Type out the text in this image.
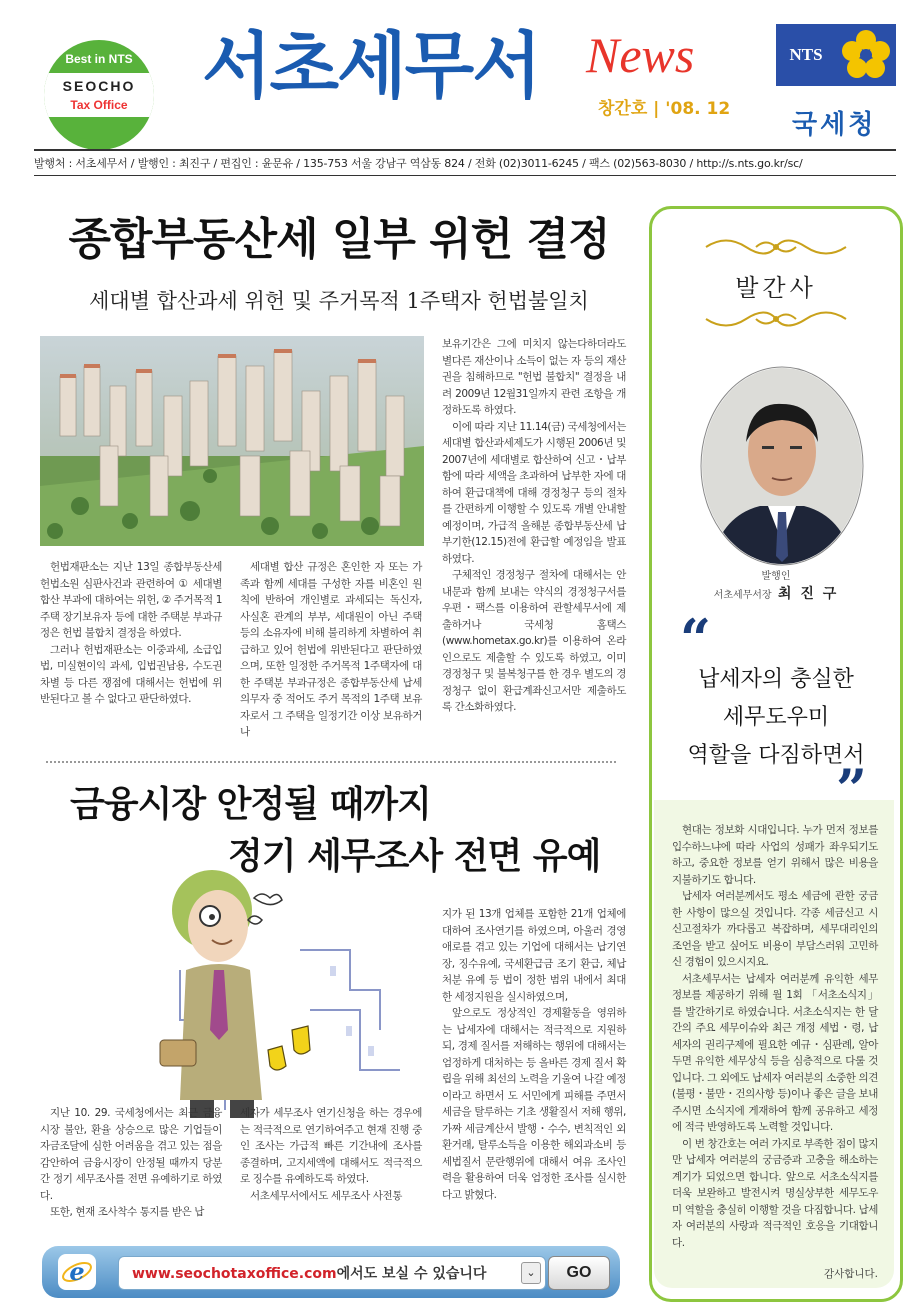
Best in NTS
SEOCHO
Tax Office	서초세무서 News
창간호 | '08. 12
NTS
국세청
발행처 : 서초세무서 / 발행인 : 최진구 / 편집인 : 윤문유 / 135-753 서울 강남구 역삼동 824 / 전화 (02)3011-6245 / 팩스 (02)563-8030 / http://s.nts.go.kr/sc/
종합부동산세 일부 위헌 결정
세대별 합산과세 위헌 및 주거목적 1주택자 헌법불일치

헌법재판소는 지난 13일 종합부동산세 헌법소원 심판사건과 관련하여 ① 세대별 합산 부과에 대하여는 위헌, ② 주거목적 1주택 장기보유자 등에 대한 주택분 부과규정은 헌법 불합치 결정을 하였다.

그러나 헌법재판소는 이중과세, 소급입법, 미실현이익 과세, 입법권남용, 수도권차별 등 다른 쟁점에 대해서는 헌법에 위반된다고 볼 수 없다고 판단하였다.

세대별 합산 규정은 혼인한 자 또는 가족과 함께 세대를 구성한 자를 비혼인 원칙에 반하여 개인별로 과세되는 독신자, 사실혼 관계의 부부, 세대원이 아닌 주택 등의 소유자에 비해 불리하게 차별하여 취급하고 있어 헌법에 위반된다고 판단하였으며, 또한 일정한 주거목적 1주택자에 대한 주택분 부과규정은 종합부동산세 납세의무자 중 적어도 주거 목적의 1주택 보유자로서 그 주택을 일정기간 이상 보유하거나

보유기간은 그에 미치지 않는다하더라도 별다른 재산이나 소득이 없는 자 등의 재산권을 침해하므로 "헌법 불합치" 결정을 내려 2009년 12월31일까지 관련 조항을 개정하도록 하였다.

이에 따라 지난 11.14(금) 국세청에서는 세대별 합산과세제도가 시행된 2006년 및 2007년에 세대별로 합산하여 신고・납부함에 따라 세액을 초과하여 납부한 자에 대하여 환급대책에 대해 경정청구 등의 절차를 간편하게 이행할 수 있도록 개별 안내할 예정이며, 가급적 올해분 종합부동산세 납부기한(12.15)전에 환급할 예정임을 발표하였다.

구체적인 경정청구 절차에 대해서는 안내문과 함께 보내는 약식의 경정청구서를 우편・팩스를 이용하여 관할세무서에 제출하거나 국세청 홈택스(www.hometax.go.kr)를 이용하여 온라인으로도 제출할 수 있도록 하였고, 이미 경정청구 및 불복청구를 한 경우 별도의 경정청구 없이 환급계좌신고서만 제출하도록 간소화하였다.

금융시장 안정될 때까지
정기 세무조사 전면 유예

지난 10. 29. 국세청에서는 최근 금융시장 불안, 환율 상승으로 많은 기업들이 자금조달에 심한 어려움을 겪고 있는 점을 감안하여 금융시장이 안정될 때까지 당분간 정기 세무조사를 전면 유예하기로 하였다.

또한, 현재 조사착수 통지를 받은 납

세자가 세무조사 연기신청을 하는 경우에는 적극적으로 연기하여주고 현재 진행 중인 조사는 가급적 빠른 기간내에 조사를 종결하며, 고지세액에 대해서도 적극적으로 징수를 유예하도록 하였다.

서초세무서에서도 세무조사 사전통

지가 된 13개 업체를 포함한 21개 업체에 대하여 조사연기를 하였으며, 아울러 경영애로를 겪고 있는 기업에 대해서는 납기연장, 징수유예, 국세환급금 조기 환급, 체납처분 유예 등 법이 정한 범위 내에서 최대한 세정지원을 실시하였으며,

앞으로도 정상적인 경제활동을 영위하는 납세자에 대해서는 적극적으로 지원하되, 경제 질서를 저해하는 행위에 대해서는 엄정하게 대처하는 등 올바른 경제 질서 확립을 위해 최선의 노력을 기울여 나갈 예정이라고 하면서 도 서민에게 피해를 주면서 세금을 탈루하는 기초 생활질서 저해 행위, 가짜 세금계산서 발행・수수, 변칙적인 외환거래, 탈루소득을 이용한 해외과소비 등 세법질서 문란행위에 대해서 여유 조사인력을 활용하여 더욱 엄정한 조사를 실시한다고 밝혔다.

발간사
발행인
서초세무서장 최 진 구
“
납세자의 충실한
세무도우미
역할을 다짐하면서
”

현대는 정보화 시대입니다. 누가 먼저 정보를 입수하느냐에 따라 사업의 성패가 좌우되기도 하고, 중요한 정보를 얻기 위해서 많은 비용을 지불하기도 합니다.

납세자 여러분께서도 평소 세금에 관한 궁금한 사항이 많으실 것입니다. 각종 세금신고 시 신고절차가 까다롭고 복잡하며, 세무대리인의 조언을 받고 싶어도 비용이 부담스러워 고민하신 경험이 있으시지요.

서초세무서는 납세자 여러분께 유익한 세무정보를 제공하기 위해 월 1회 「서초소식지」를 발간하기로 하였습니다. 서초소식지는 한 달간의 주요 세무이슈와 최근 개정 세법・령, 납세자의 권리구제에 필요한 예규・심판례, 알아두면 유익한 세무상식 등을 심층적으로 다룰 것입니다. 그 외에도 납세자 여러분의 소중한 의견(불평・불만・건의사항 등)이나 좋은 글을 보내주시면 소식지에 게재하여 함께 공유하고 세정에 적극 반영하도록 노력할 것입니다.

이 번 창간호는 여러 가지로 부족한 점이 많지만 납세자 여러분의 궁금증과 고충을 해소하는 계기가 되었으면 합니다. 앞으로 서초소식지를 더욱 보완하고 발전시켜 명실상부한 세무도우미 역할을 충실히 이행할 것을 다짐합니다. 납세자 여러분의 사랑과 적극적인 호응을 기대합니다.

감사합니다.
e	www.seochotaxoffice.com에서도 보실 수 있습니다	⌄	GO
